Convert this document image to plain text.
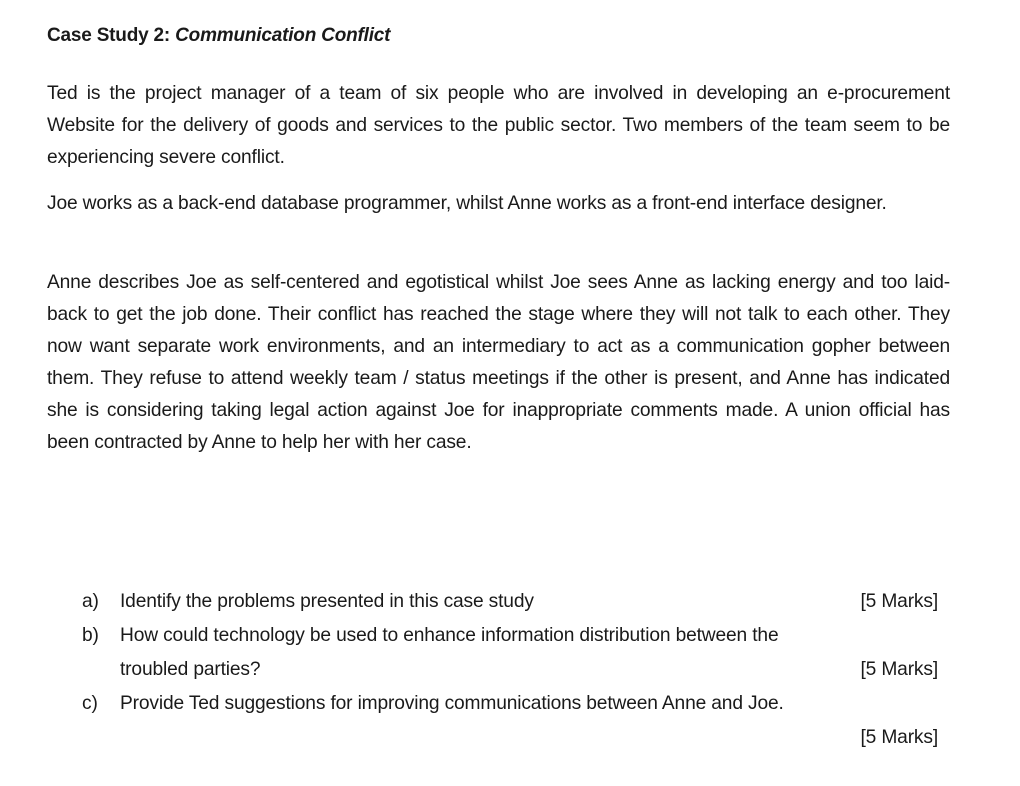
Case Study 2: Communication Conflict

Ted is the project manager of a team of six people who are involved in developing an e-procurement Website for the delivery of goods and services to the public sector. Two members of the team seem to be experiencing severe conflict.

Joe works as a back-end database programmer, whilst Anne works as a front-end interface designer.

Anne describes Joe as self-centered and egotistical whilst Joe sees Anne as lacking energy and too laid-back to get the job done. Their conflict has reached the stage where they will not talk to each other. They now want separate work environments, and an intermediary to act as a communication gopher between them. They refuse to attend weekly team / status meetings if the other is present, and Anne has indicated she is considering taking legal action against Joe for inappropriate comments made. A union official has been contracted by Anne to help her with her case.

a) Identify the problems presented in this case study	[5 Marks]
b) How could technology be used to enhance information distribution between the
troubled parties?	[5 Marks]
c) Provide Ted suggestions for improving communications between Anne and Joe.
[5 Marks]
